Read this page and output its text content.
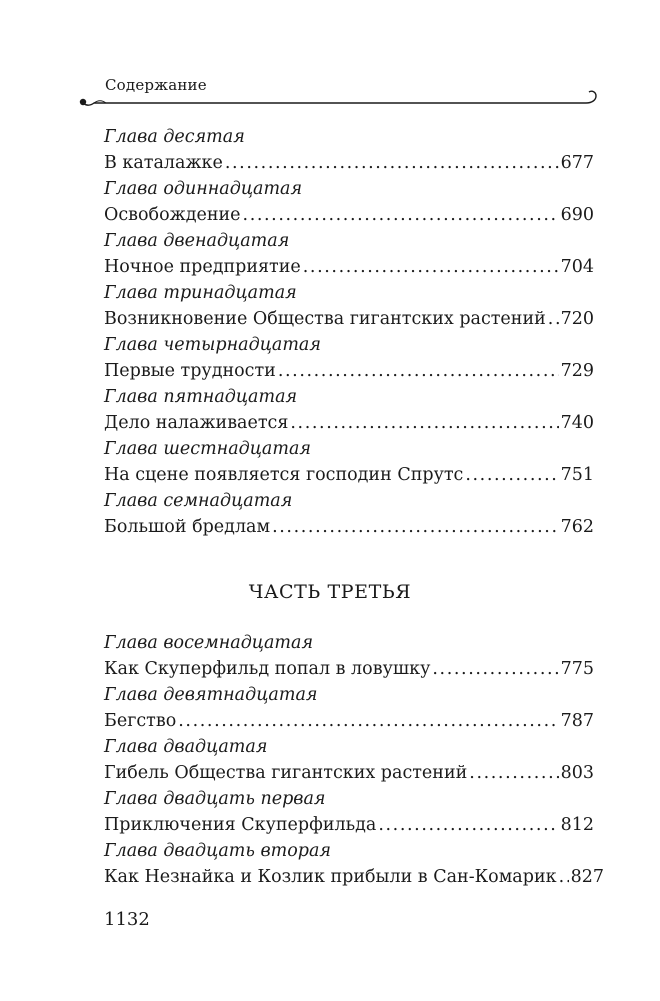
Содержание
Глава десятая
В каталажке .....	677
Глава одиннадцатая
Освобождение .....	690
Глава двенадцатая
Ночное предприятие .....	704
Глава тринадцатая
Возникновение Общества гигантских растений ..... 720
Глава четырнадцатая
Первые трудности .....	729
Глава пятнадцатая
Дело налаживается .....	740
Глава шестнадцатая
На сцене появляется господин Спрутс .....	751
Глава семнадцатая
Большой бредлам .....	762
ЧАСТЬ ТРЕТЬЯ
Глава восемнадцатая
Как Скуперфильд попал в ловушку .....	775
Глава девятнадцатая
Бегство .....	787
Глава двадцатая
Гибель Общества гигантских растений .....	803
Глава двадцать первая
Приключения Скуперфильда .....	812
Глава двадцать вторая
Как Незнайка и Козлик прибыли в Сан-Комарик ..... 827
1132
